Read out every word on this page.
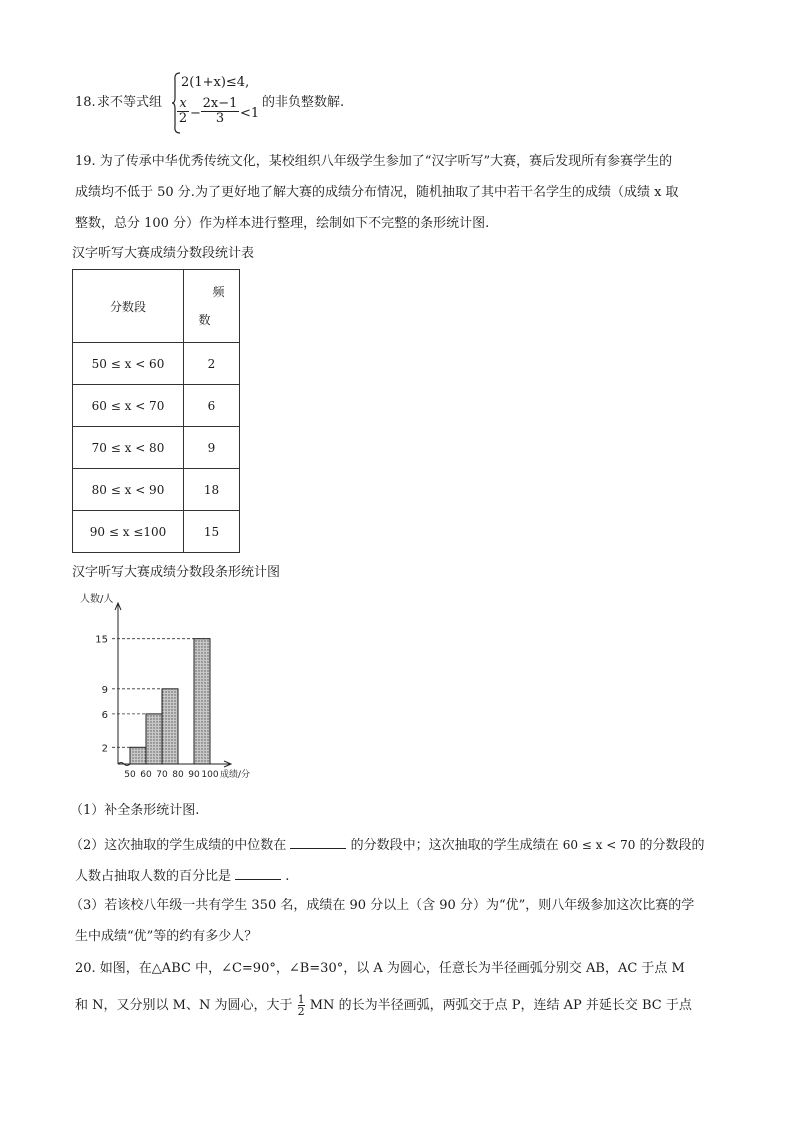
18. 求不等式组
2(1+x)≤4,
$\frac{x}{2} - \frac{2x-1}{3} <1$
的非负整数解.
19. 为了传承中华优秀传统文化，某校组织八年级学生参加了“汉字听写”大赛，赛后发现所有参赛学生的
成绩均不低于 50 分.为了更好地了解大赛的成绩分布情况，随机抽取了其中若干名学生的成绩（成绩 x 取
整数，总分 100 分）作为样本进行整理，绘制如下不完整的条形统计图.
汉字听写大赛成绩分数段统计表
分数段	频
数

50 ≤ x < 60	2
60 ≤ x < 70	6
70 ≤ x < 80	9
80 ≤ x < 90	18
90 ≤ x ≤100	15
汉字听写大赛成绩分数段条形统计图
人数/人
2
6
9
15
50 60 70 80 90 100 成绩/分
（1）补全条形统计图.
（2）这次抽取的学生成绩的中位数在	的分数段中；这次抽取的学生成绩在 60 ≤ x < 70 的分数段的
人数占抽取人数的百分比是	.
（3）若该校八年级一共有学生 350 名，成绩在 90 分以上（含 90 分）为“优”，则八年级参加这次比赛的学
生中成绩“优”等的约有多少人？
20. 如图，在△ABC 中，∠C=90°，∠B=30°，以 A 为圆心，任意长为半径画弧分别交 AB，AC 于点 M
和 N，又分别以 M、N 为圆心，大于 $\frac{1}{2}$ MN 的长为半径画弧，两弧交于点 P，连结 AP 并延长交 BC 于点
